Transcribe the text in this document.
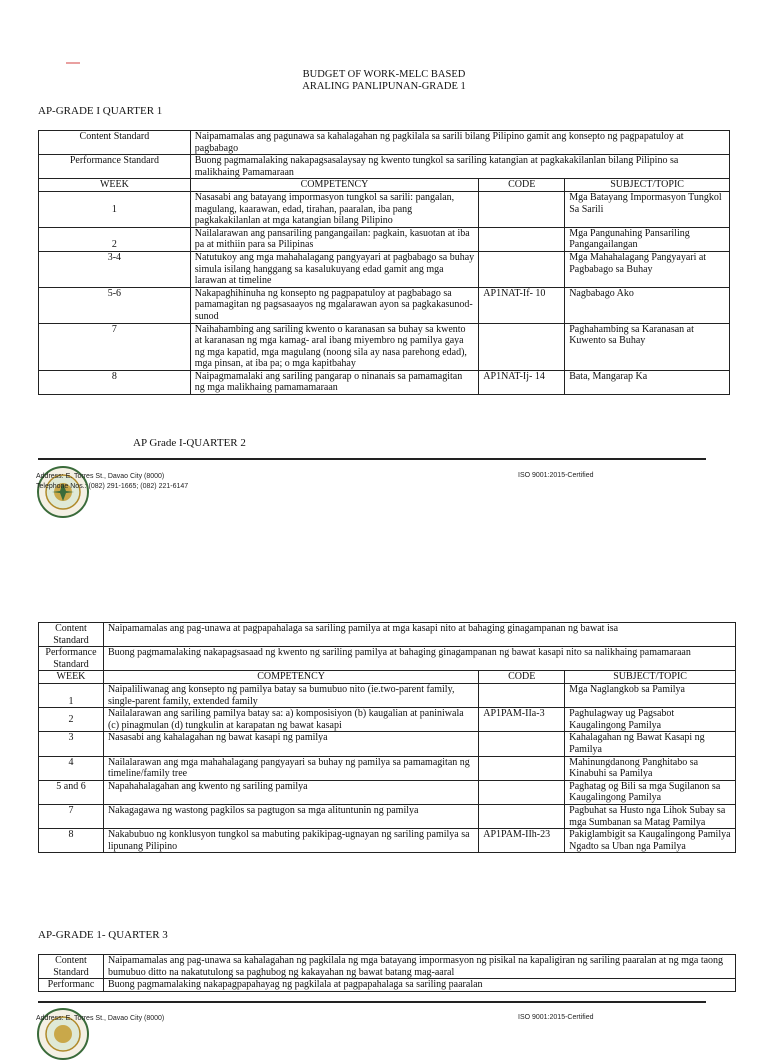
BUDGET OF WORK-MELC BASED
ARALING PANLIPUNAN-GRADE 1
AP-GRADE I QUARTER 1
Content Standard	Naipamamalas ang pagunawa sa kahalagahan ng pagkilala sa sarili bilang Pilipino gamit ang konsepto ng pagpapatuloy at pagbabago		
Performance Standard	Buong pagmamalaking nakapagsasalaysay ng kwento tungkol sa sariling katangian at pagkakakilanlan bilang Pilipino sa malikhaing Pamamaraan		
WEEK	COMPETENCY	CODE	SUBJECT/TOPIC
1	Nasasabi ang batayang impormasyon tungkol sa sarili: pangalan, magulang, kaarawan, edad, tirahan, paaralan, iba pang pagkakakilanlan at mga katangian bilang Pilipino		Mga Batayang Impormasyon Tungkol Sa Sarili
2	Nailalarawan ang pansariling pangangailan: pagkain, kasuotan at iba pa at mithiin para sa Pilipinas		Mga Pangunahing Pansariling Pangangailangan
3-4	Natutukoy ang mga mahahalagang pangyayari at pagbabago sa buhay simula isilang hanggang sa kasalukuyang edad gamit ang mga larawan at timeline		Mga Mahahalagang Pangyayari at Pagbabago sa Buhay
5-6	Nakapaghihinuha ng konsepto ng pagpapatuloy at pagbabago sa pamamagitan ng pagsasaayos ng mgalarawan ayon sa pagkakasunod-sunod	AP1NAT-If- 10	Nagbabago Ako
7	Naihahambing ang sariling kwento o karanasan sa buhay sa kwento at karanasan ng mga kamag- aral ibang miyembro ng pamilya gaya ng mga kapatid, mga magulang (noong sila ay nasa parehong edad), mga pinsan, at iba pa; o mga kapitbahay		Paghahambing sa Karanasan at Kuwento sa Buhay
8	Naipagmamalaki ang sariling pangarap o ninanais sa pamamagitan ng mga malikhaing pamamamaraan	AP1NAT-Ij- 14	Bata, Mangarap Ka
AP Grade I-QUARTER 2
Address: E. Torres St., Davao City (8000)
Telephone Nos.: (082) 291-1665; (082) 221-6147
ISO 9001:2015-Certified
Content Standard	Naipamamalas ang pag-unawa at pagpapahalaga sa sariling pamilya at mga kasapi nito at bahaging ginagampanan ng bawat isa		
Performance Standard	Buong pagmamalaking nakapagsasaad ng kwento ng sariling pamilya at bahaging ginagampanan ng bawat kasapi nito sa nalikhaing pamamaraan		
WEEK	COMPETENCY	CODE	SUBJECT/TOPIC
1	Naipaliliwanag ang konsepto ng pamilya batay sa bumubuo nito (ie.two-parent family, single-parent family, extended family		Mga Naglangkob sa Pamilya
2	Nailalarawan ang sariling pamilya batay sa: a) komposisiyon (b) kaugalian at paniniwala (c) pinagmulan (d) tungkulin at karapatan ng bawat kasapi	AP1PAM-IIa-3	Paghulagway ug Pagsabot Kaugalingong Pamilya
3	Nasasabi ang kahalagahan ng bawat kasapi ng pamilya		Kahalagahan ng Bawat Kasapi ng Pamilya
4	Nailalarawan ang mga mahahalagang pangyayari sa buhay ng pamilya sa pamamagitan ng timeline/family tree		Mahinungdanong Panghitabo sa Kinabuhi sa Pamilya
5 and 6	Napahahalagahan ang kwento ng sariling pamilya		Paghatag og Bili sa mga Sugilanon sa Kaugalingong Pamilya
7	Nakagagawa ng wastong pagkilos sa pagtugon sa mga alituntunin ng pamilya		Pagbuhat sa Husto nga Lihok Subay sa mga Sumbanan sa Matag Pamilya
8	Nakabubuo ng konklusyon tungkol sa mabuting pakikipag-ugnayan ng sariling pamilya sa lipunang Pilipino	AP1PAM-IIh-23	Pakiglambigit sa Kaugalingong Pamilya Ngadto sa Uban nga Pamilya
AP-GRADE 1- QUARTER 3
Content Standard	Naipamamalas ang pag-unawa sa kahalagahan ng pagkilala ng mga batayang impormasyon ng pisikal na kapaligiran ng sariling paaralan at ng mga taong bumubuo ditto na nakatutulong sa paghubog ng kakayahan ng bawat batang mag-aaral
Performanc	Buong pagmamalaking nakapagpapahayag ng pagkilala at pagpapahalaga sa sariling paaralan
Address: E. Torres St., Davao City (8000)	ISO 9001:2015-Certified
